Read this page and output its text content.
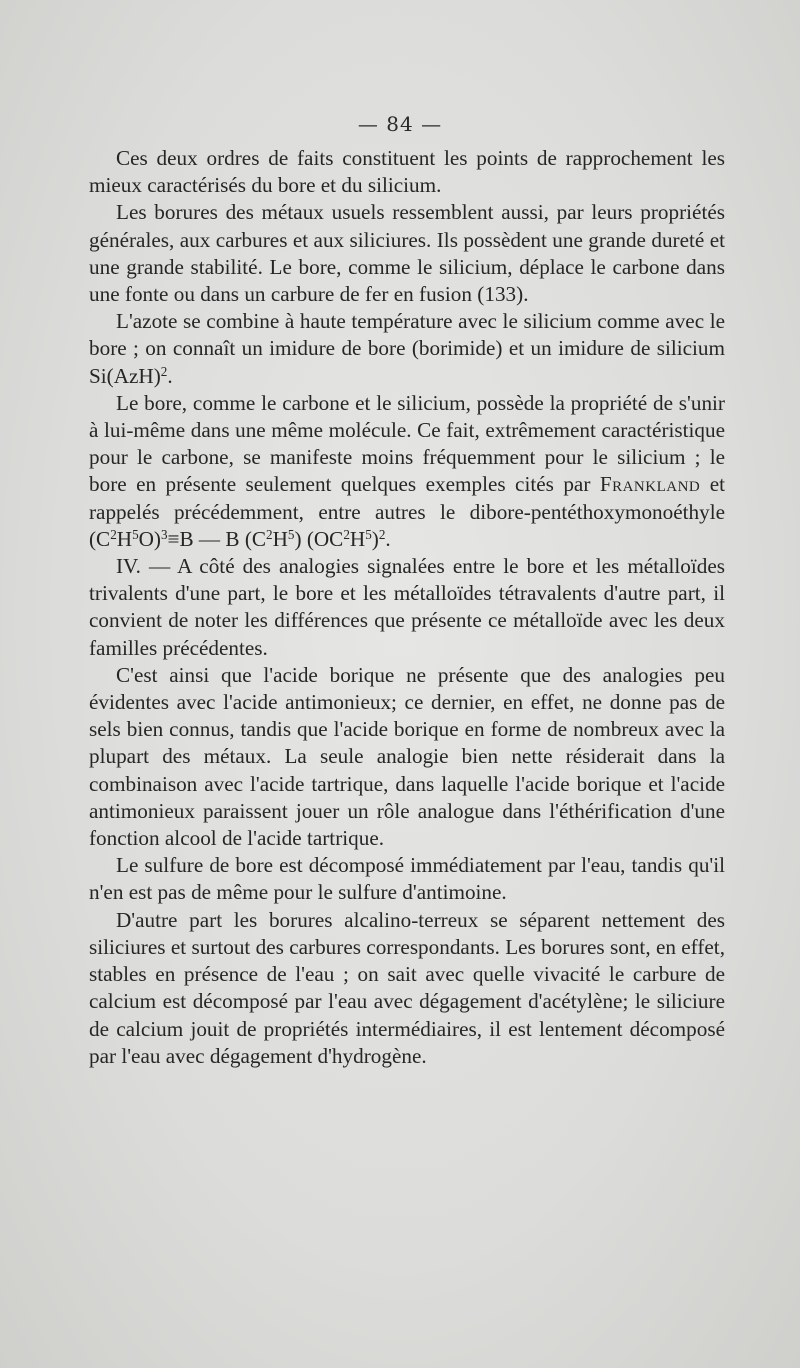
— 84 —

Ces deux ordres de faits constituent les points de rapprochement les mieux caractérisés du bore et du silicium.

Les borures des métaux usuels ressemblent aussi, par leurs propriétés générales, aux carbures et aux siliciures. Ils possèdent une grande dureté et une grande stabilité. Le bore, comme le silicium, déplace le carbone dans une fonte ou dans un carbure de fer en fusion (133).

L'azote se combine à haute température avec le silicium comme avec le bore ; on connaît un imidure de bore (borimide) et un imidure de silicium Si(AzH)$^2$.

Le bore, comme le carbone et le silicium, possède la propriété de s'unir à lui-même dans une même molécule. Ce fait, extrêmement caractéristique pour le carbone, se manifeste moins fréquemment pour le silicium ; le bore en présente seulement quelques exemples cités par Frankland et rappelés précédemment, entre autres le dibore-pentéthoxymonoéthyle $(C^2H^5O)^3\equiv B$ — B $(C^2H^5)$ $(OC^2H^5)^2$.

IV. — A côté des analogies signalées entre le bore et les métalloïdes trivalents d'une part, le bore et les métalloïdes tétravalents d'autre part, il convient de noter les différences que présente ce métalloïde avec les deux familles précédentes.

C'est ainsi que l'acide borique ne présente que des analogies peu évidentes avec l'acide antimonieux; ce dernier, en effet, ne donne pas de sels bien connus, tandis que l'acide borique en forme de nombreux avec la plupart des métaux. La seule analogie bien nette résiderait dans la combinaison avec l'acide tartrique, dans laquelle l'acide borique et l'acide antimonieux paraissent jouer un rôle analogue dans l'éthérification d'une fonction alcool de l'acide tartrique.

Le sulfure de bore est décomposé immédiatement par l'eau, tandis qu'il n'en est pas de même pour le sulfure d'antimoine.

D'autre part les borures alcalino-terreux se séparent nettement des siliciures et surtout des carbures correspondants. Les borures sont, en effet, stables en présence de l'eau ; on sait avec quelle vivacité le carbure de calcium est décomposé par l'eau avec dégagement d'acétylène; le siliciure de calcium jouit de propriétés intermédiaires, il est lentement décomposé par l'eau avec dégagement d'hydrogène.
